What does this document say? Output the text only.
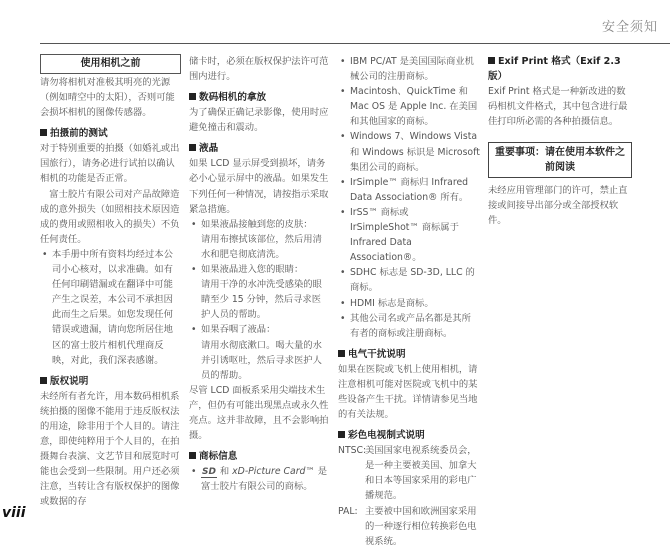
安全须知
使用相机之前

请勿将相机对准极其明亮的光源（例如晴空中的太阳），否则可能会损坏相机的图像传感器。

拍摄前的测试

对于特别重要的拍摄（如婚礼或出国旅行），请务必进行试拍以确认相机的功能是否正常。

富士胶片有限公司对产品故障造成的意外损失（如照相技术原因造成的费用或照相收入的损失）不负任何责任。

• 本手册中所有资料均经过本公司小心核对，以求准确。如有任何印刷错漏或在翻译中可能产生之误差，本公司不承担因此而生之后果。如您发现任何错误或遗漏，请向您所居住地区的富士胶片相机代理商反映，对此，我们深表感谢。
版权说明

未经所有者允许，用本数码相机系统拍摄的图像不能用于违反版权法的用途，除非用于个人目的。请注意，即使纯粹用于个人目的，在拍摄舞台表演、文艺节目和展览时可能也会受到一些限制。用户还必须注意，当转让含有版权保护的图像或数据的存

储卡时，必须在版权保护法许可范围内进行。

数码相机的拿放

为了确保正确记录影像，使用时应避免撞击和震动。

液晶

如果 LCD 显示屏受到损坏，请务必小心显示屏中的液晶。如果发生下列任何一种情况，请按指示采取紧急措施。

• 如果液晶接触到您的皮肤：
请用布擦拭该部位，然后用清水和肥皂彻底清洗。
• 如果液晶进入您的眼睛：
请用干净的水冲洗受感染的眼睛至少 15 分钟，然后寻求医护人员的帮助。
• 如果吞咽了液晶：
请用水彻底漱口。喝大量的水并引诱呕吐，然后寻求医护人员的帮助。

尽管 LCD 面板系采用尖端技术生产，但仍有可能出现黑点或永久性亮点。这并非故障，且不会影响拍摄。

商标信息
• SD 和 xD-Picture Card™ 是富士胶片有限公司的商标。
• IBM PC/AT 是美国国际商业机械公司的注册商标。
• Macintosh、QuickTime 和 Mac OS 是 Apple Inc. 在美国和其他国家的商标。
• Windows 7、Windows Vista 和 Windows 标识是 Microsoft 集团公司的商标。
• IrSimple™ 商标归 Infrared Data Association® 所有。
• IrSS™ 商标或 IrSimpleShot™ 商标属于 Infrared Data Association®。
• SDHC 标志是 SD-3D, LLC 的商标。
• HDMI 标志是商标。
• 其他公司名或产品名都是其所有者的商标或注册商标。
电气干扰说明

如果在医院或飞机上使用相机，请注意相机可能对医院或飞机中的某些设备产生干扰。详情请参见当地的有关法规。

彩色电视制式说明
NTSC:
美国国家电视系统委员会，是一种主要被美国、加拿大和日本等国家采用的彩电广播规范。
PAL: 主要被中国和欧洲国家采用的一种逐行相位转换彩色电视系统。
Exif Print 格式（Exif 2.3 版）

Exif Print 格式是一种新改进的数码相机文件格式，其中包含进行最佳打印所必需的各种拍摄信息。

重要事项：请在使用本软件之前阅读

未经应用管理部门的许可，禁止直接或间接导出部分或全部授权软件。

viii
